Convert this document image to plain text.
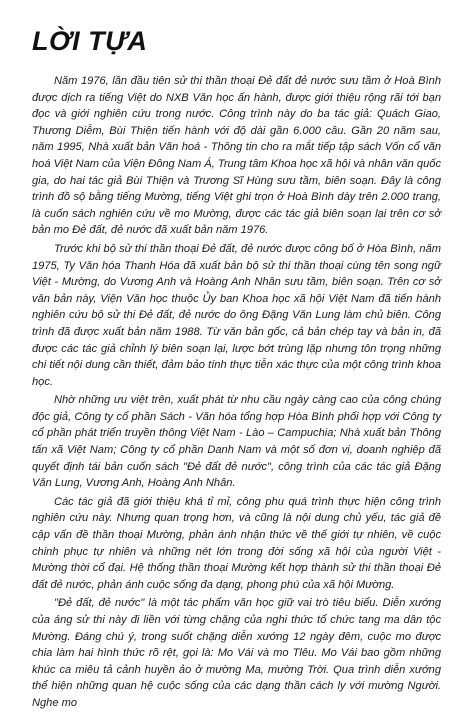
LỜI TỰA

Năm 1976, lần đầu tiên sử thi thần thoại Đẻ đất đẻ nước sưu tầm ở Hoà Bình được dịch ra tiếng Việt do NXB Văn học ấn hành, được giới thiệu rộng rãi tới bạn đọc và giới nghiên cứu trong nước. Công trình này do ba tác giả: Quách Giao, Thương Diễm, Bùi Thiện tiến hành với độ dài gần 6.000 câu. Gần 20 năm sau, năm 1995, Nhà xuất bản Văn hoá - Thông tin cho ra mắt tiếp tập sách Vốn cổ văn hoá Việt Nam của Viện Đông Nam Á, Trung tâm Khoa học xã hội và nhân văn quốc gia, do hai tác giả Bùi Thiện và Trương Sĩ Hùng sưu tầm, biên soạn. Đây là công trình đồ sộ bằng tiếng Mường, tiếng Việt ghi trọn ở Hoà Bình dày trên 2.000 trang, là cuốn sách nghiên cứu về mo Mường, được các tác giả biên soạn lại trên cơ sở bản mo Đẻ đất, đẻ nước đã xuất bản năm 1976.

Trước khi bộ sử thi thần thoại Đẻ đất, đẻ nước được công bố ở Hòa Bình, năm 1975, Ty Văn hóa Thanh Hóa đã xuất bản bộ sử thi thần thoại cùng tên song ngữ Việt - Mường, do Vương Anh và Hoàng Anh Nhân sưu tầm, biên soạn. Trên cơ sở văn bản này, Viện Văn học thuộc Ủy ban Khoa học xã hội Việt Nam đã tiến hành nghiên cứu bộ sử thi Đẻ đất, đẻ nước do ông Đặng Văn Lung làm chủ biên. Công trình đã được xuất bản năm 1988. Từ văn bản gốc, cả bản chép tay và bản in, đã được các tác giả chỉnh lý biên soạn lại, lược bớt trùng lặp nhưng tôn trọng những chi tiết nội dung cần thiết, đảm bảo tính thực tiễn xác thực của một công trình khoa học.

Nhờ những ưu việt trên, xuất phát từ nhu cầu ngày càng cao của công chúng độc giả, Công ty cổ phần Sách - Văn hóa tổng hợp Hòa Bình phối hợp với Công ty cổ phần phát triển truyền thông Việt Nam - Lào – Campuchia; Nhà xuất bản Thông tấn xã Việt Nam; Công ty cổ phần Danh Nam và một số đơn vị, doanh nghiệp đã quyết định tái bản cuốn sách "Đẻ đất đẻ nước", công trình của các tác giả Đặng Văn Lung, Vương Anh, Hoàng Anh Nhân.

Các tác giả đã giới thiệu khá tỉ mỉ, công phu quá trình thực hiện công trình nghiên cứu này. Nhưng quan trọng hơn, và cũng là nội dung chủ yếu, tác giả đề cập vấn đề thần thoại Mường, phản ánh nhận thức về thế giới tự nhiên, về cuộc chinh phục tự nhiên và những nét lớn trong đời sống xã hội của người Việt - Mường thời cổ đại. Hệ thống thần thoại Mường kết hợp thành sử thi thần thoại Đẻ đất đẻ nước, phản ánh cuộc sống đa dạng, phong phú của xã hội Mường.

"Đẻ đất, đẻ nước" là một tác phẩm văn học giữ vai trò tiêu biểu. Diễn xướng của áng sử thi này đi liền với từng chặng của nghi thức tổ chức tang ma dân tộc Mường. Đáng chú ý, trong suốt chặng diễn xướng 12 ngày đêm, cuộc mo được chia làm hai hình thức rõ rệt, gọi là: Mo Vái và mo Tlêu. Mo Vái bao gồm những khúc ca miêu tả cảnh huyền ảo ở mường Ma, mường Trời. Qua trình diễn xướng thể hiện những quan hệ cuộc sống của các dạng thần cách ly với mường Người. Nghe mo
